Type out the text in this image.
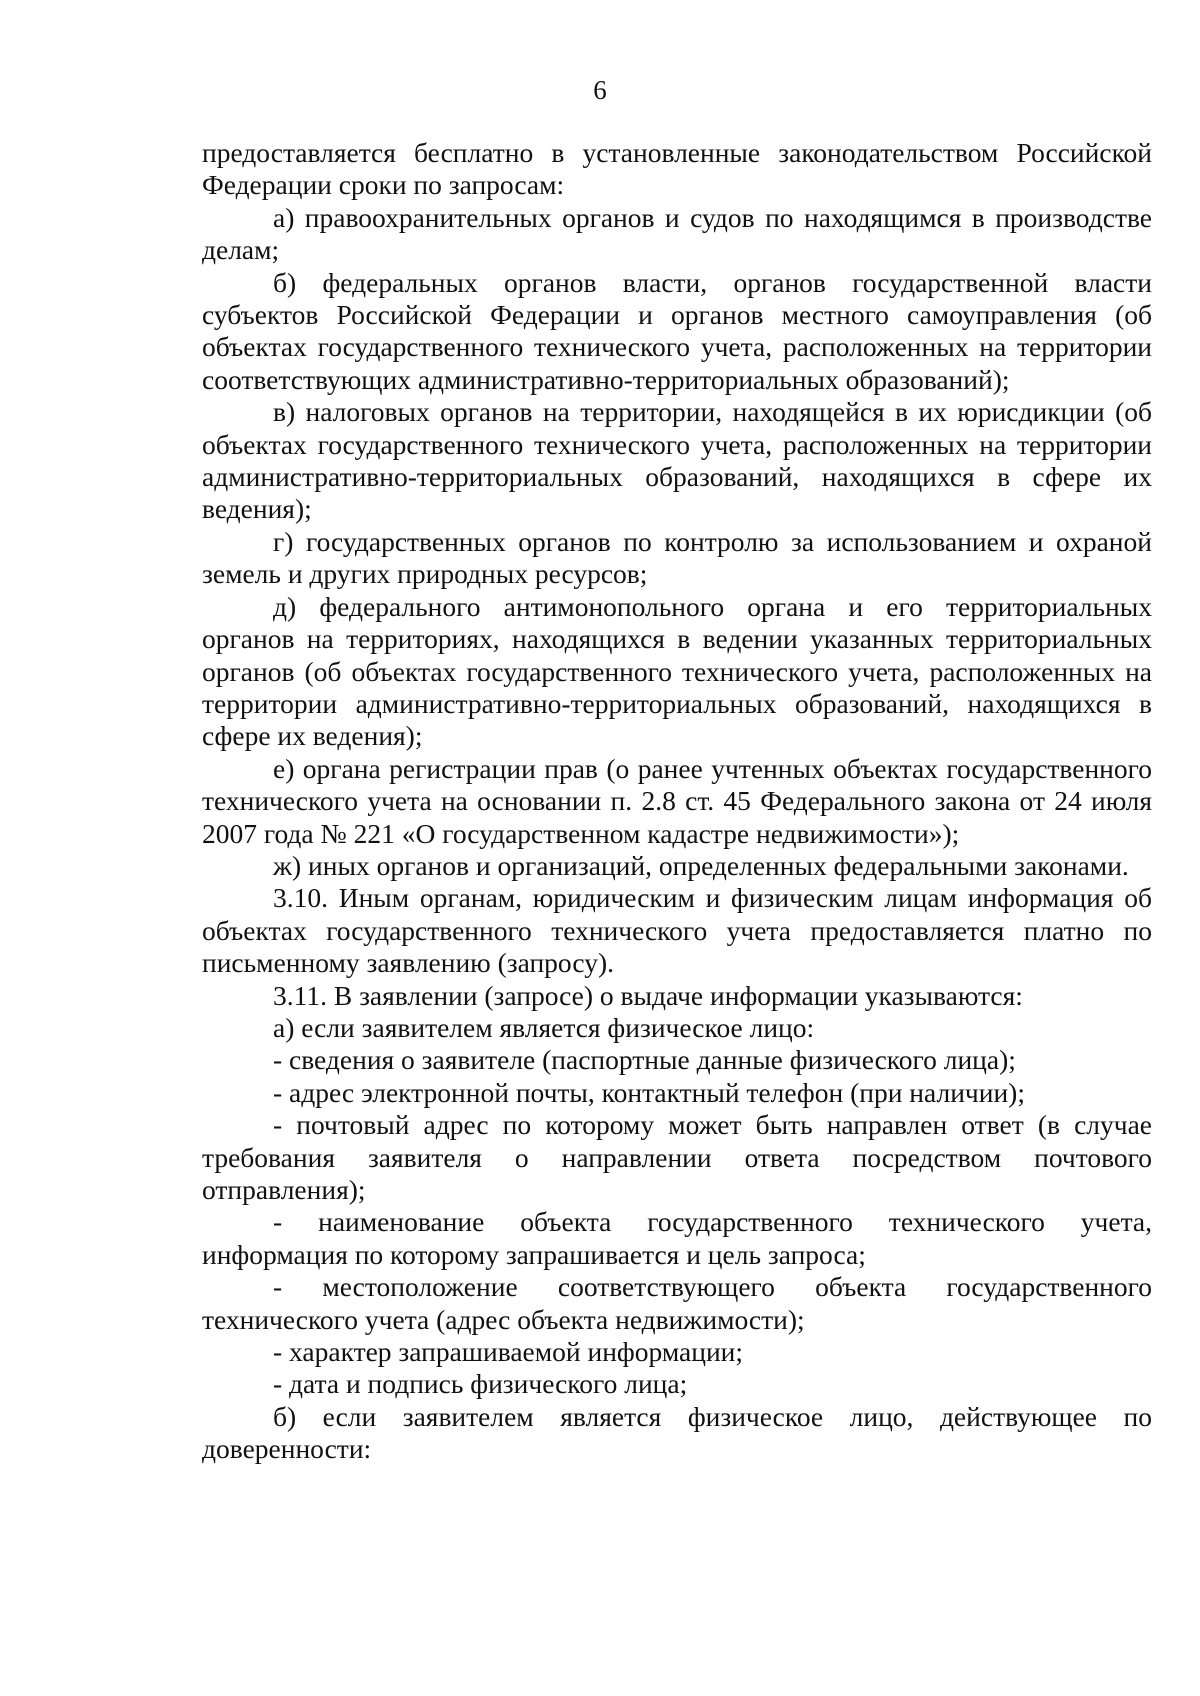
6

предоставляется бесплатно в установленные законодательством Российской Федерации сроки по запросам:

а) правоохранительных органов и судов по находящимся в производстве делам;

б) федеральных органов власти, органов государственной власти субъектов Российской Федерации и органов местного самоуправления (об объектах государственного технического учета, расположенных на территории соответствующих административно-территориальных образований);

в) налоговых органов на территории, находящейся в их юрисдикции (об объектах государственного технического учета, расположенных на территории административно-территориальных образований, находящихся в сфере их ведения);

г) государственных органов по контролю за использованием и охраной земель и других природных ресурсов;

д) федерального антимонопольного органа и его территориальных органов на территориях, находящихся в ведении указанных территориальных органов (об объектах государственного технического учета, расположенных на территории административно-территориальных образований, находящихся в сфере их ведения);

е) органа регистрации прав (о ранее учтенных объектах государственного технического учета на основании п. 2.8 ст. 45 Федерального закона от 24 июля 2007 года № 221 «О государственном кадастре недвижимости»);

ж) иных органов и организаций, определенных федеральными законами.

3.10. Иным органам, юридическим и физическим лицам информация об объектах государственного технического учета предоставляется платно по письменному заявлению (запросу).

3.11. В заявлении (запросе) о выдаче информации указываются:

а) если заявителем является физическое лицо:

- сведения о заявителе (паспортные данные физического лица);

- адрес электронной почты, контактный телефон (при наличии);

- почтовый адрес по которому может быть направлен ответ (в случае требования заявителя о направлении ответа посредством почтового отправления);

- наименование объекта государственного технического учета, информация по которому запрашивается и цель запроса;

- местоположение соответствующего объекта государственного технического учета (адрес объекта недвижимости);

- характер запрашиваемой информации;

- дата и подпись физического лица;

б) если заявителем является физическое лицо, действующее по доверенности:
